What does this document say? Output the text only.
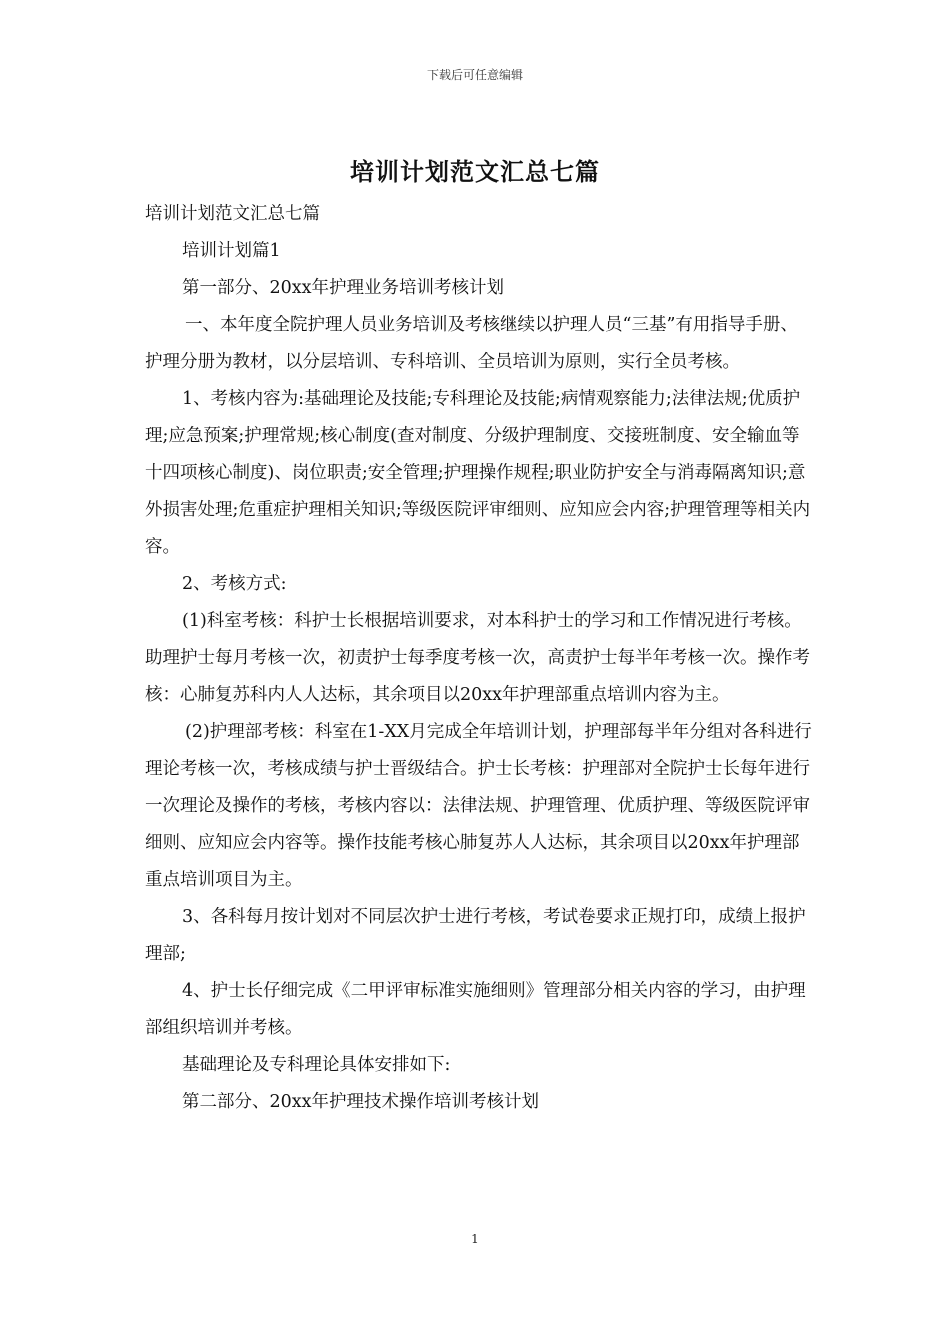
下载后可任意编辑
培训计划范文汇总七篇

培训计划范文汇总七篇

培训计划篇1

第一部分、20xx年护理业务培训考核计划

一、本年度全院护理人员业务培训及考核继续以护理人员“三基”有用指导手册、护理分册为教材，以分层培训、专科培训、全员培训为原则，实行全员考核。

1、考核内容为:基础理论及技能;专科理论及技能;病情观察能力;法律法规;优质护理;应急预案;护理常规;核心制度(查对制度、分级护理制度、交接班制度、安全输血等十四项核心制度)、岗位职责;安全管理;护理操作规程;职业防护安全与消毒隔离知识;意外损害处理;危重症护理相关知识;等级医院评审细则、应知应会内容;护理管理等相关内容。

2、考核方式:

(1)科室考核：科护士长根据培训要求，对本科护士的学习和工作情况进行考核。助理护士每月考核一次，初责护士每季度考核一次，高责护士每半年考核一次。操作考核：心肺复苏科内人人达标，其余项目以20xx年护理部重点培训内容为主。

(2)护理部考核：科室在1-XX月完成全年培训计划，护理部每半年分组对各科进行理论考核一次，考核成绩与护士晋级结合。护士长考核：护理部对全院护士长每年进行一次理论及操作的考核，考核内容以：法律法规、护理管理、优质护理、等级医院评审细则、应知应会内容等。操作技能考核心肺复苏人人达标，其余项目以20xx年护理部重点培训项目为主。

3、各科每月按计划对不同层次护士进行考核，考试卷要求正规打印，成绩上报护理部;

4、护士长仔细完成《二甲评审标准实施细则》管理部分相关内容的学习，由护理部组织培训并考核。

基础理论及专科理论具体安排如下:

第二部分、20xx年护理技术操作培训考核计划

1
